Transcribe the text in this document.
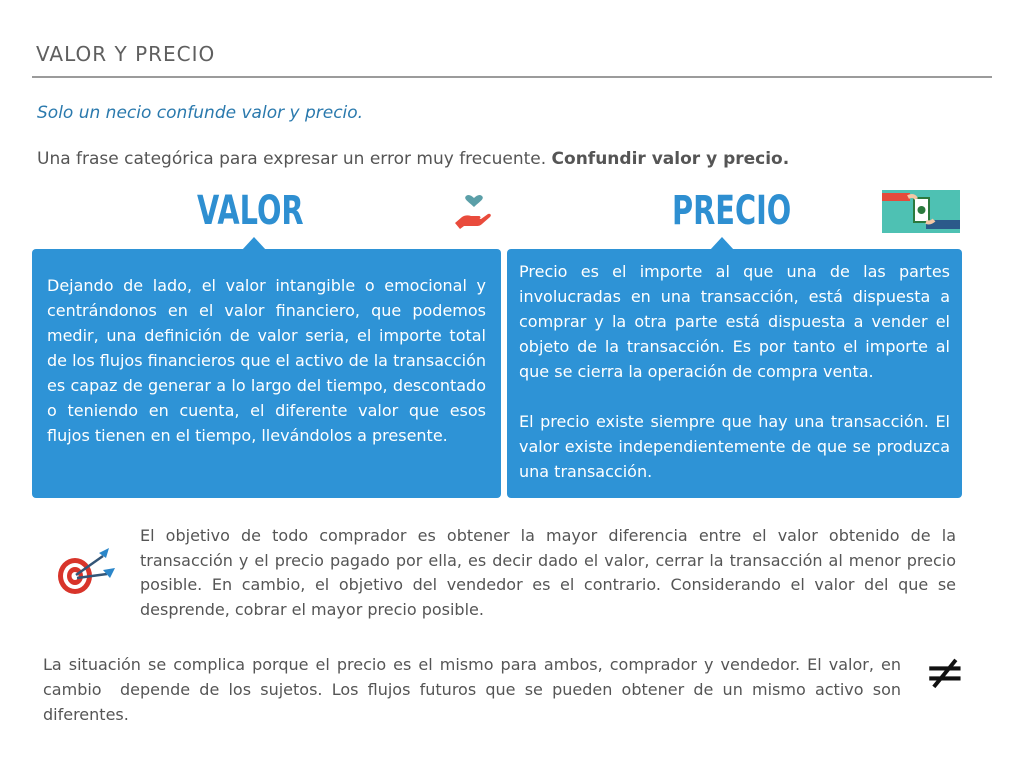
VALOR Y PRECIO
Solo un necio confunde valor y precio.
Una frase categórica para expresar un error muy frecuente. Confundir valor y precio.
VALOR	PRECIO

Dejando de lado, el valor intangible o emocional y centrándonos en el valor financiero, que podemos medir, una definición de valor seria, el importe total de los flujos financieros que el activo de la transacción es capaz de generar a lo largo del tiempo, descontado o teniendo en cuenta, el diferente valor que esos flujos tienen en el tiempo, llevándolos a presente.

Precio es el importe al que una de las partes involucradas en una transacción, está dispuesta a comprar y la otra parte está dispuesta a vender el objeto de la transacción. Es por tanto el importe al que se cierra la operación de compra venta.

El precio existe siempre que hay una transacción. El valor existe independientemente de que se produzca una transacción.

El objetivo de todo comprador es obtener la mayor diferencia entre el valor obtenido de la transacción y el precio pagado por ella, es decir dado el valor, cerrar la transacción al menor precio posible. En cambio, el objetivo del vendedor es el contrario. Considerando el valor del que se desprende, cobrar el mayor precio posible.
La situación se complica porque el precio es el mismo para ambos, comprador y vendedor. El valor, en cambio  depende de los sujetos. Los flujos futuros que se pueden obtener de un mismo activo son diferentes.
≠
